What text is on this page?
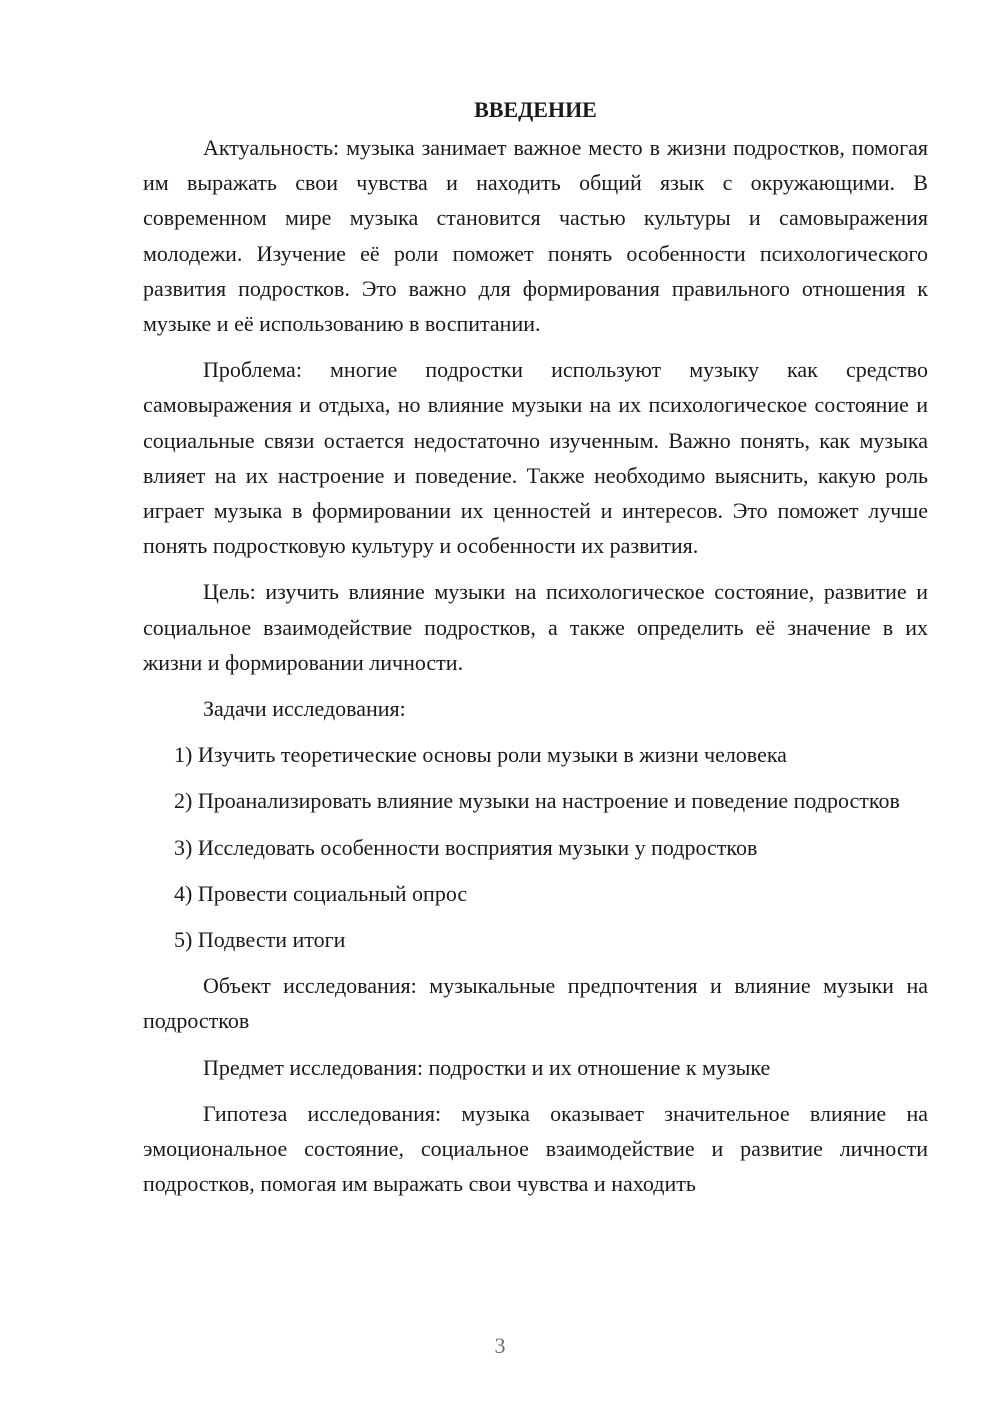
ВВЕДЕНИЕ

Актуальность: музыка занимает важное место в жизни подростков, помогая им выражать свои чувства и находить общий язык с окружающими. В современном мире музыка становится частью культуры и самовыражения молодежи. Изучение её роли поможет понять особенности психологического развития подростков. Это важно для формирования правильного отношения к музыке и её использованию в воспитании.

Проблема: многие подростки используют музыку как средство самовыражения и отдыха, но влияние музыки на их психологическое состояние и социальные связи остается недостаточно изученным. Важно понять, как музыка влияет на их настроение и поведение. Также необходимо выяснить, какую роль играет музыка в формировании их ценностей и интересов. Это поможет лучше понять подростковую культуру и особенности их развития.

Цель: изучить влияние музыки на психологическое состояние, развитие и социальное взаимодействие подростков, а также определить её значение в их жизни и формировании личности.

Задачи исследования:

1) Изучить теоретические основы роли музыки в жизни человека

2) Проанализировать влияние музыки на настроение и поведение подростков

3) Исследовать особенности восприятия музыки у подростков

4) Провести социальный опрос

5) Подвести итоги

Объект исследования: музыкальные предпочтения и влияние музыки на подростков

Предмет исследования: подростки и их отношение к музыке

Гипотеза исследования: музыка оказывает значительное влияние на эмоциональное состояние, социальное взаимодействие и развитие личности подростков, помогая им выражать свои чувства и находить

3
